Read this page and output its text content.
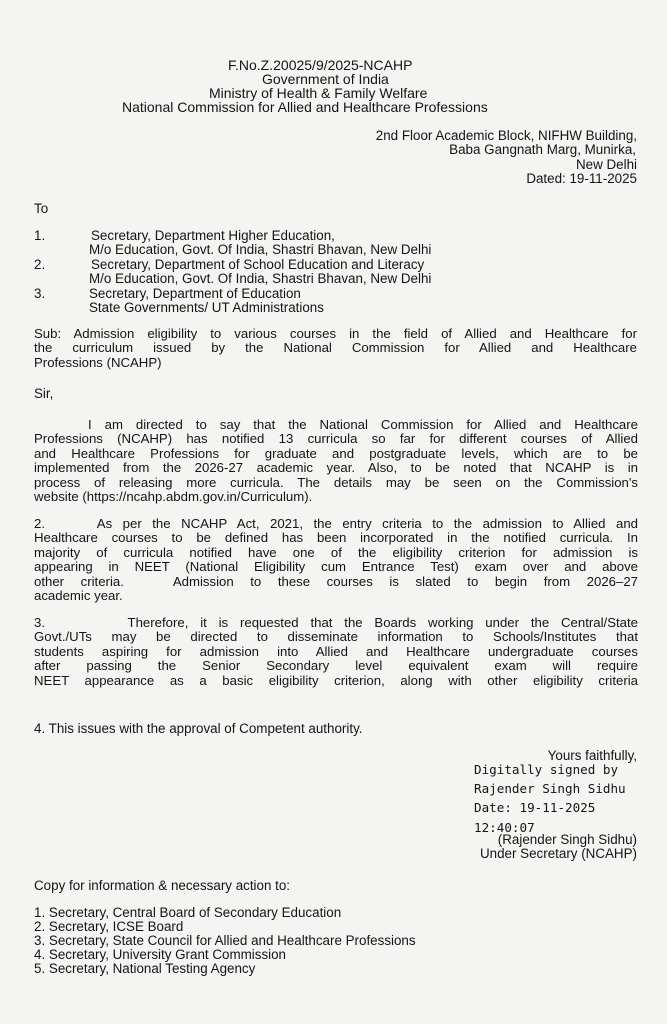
F.No.Z.20025/9/2025-NCAHP
Government of India
Ministry of Health & Family Welfare
National Commission for Allied and Healthcare Professions
2nd Floor Academic Block, NIFHW Building,
Baba Gangnath Marg, Munirka,
New Delhi
Dated: 19-11-2025
To
1.	Secretary, Department Higher Education,
M/o Education, Govt. Of India, Shastri Bhavan, New Delhi
2.	Secretary, Department of School Education and Literacy
M/o Education, Govt. Of India, Shastri Bhavan, New Delhi
3.	Secretary, Department of Education
State Governments/ UT Administrations
Sub: Admission eligibility to various courses in the field of Allied and Healthcare for
the curriculum issued by the National Commission for Allied and Healthcare
Professions (NCAHP)
Sir,
I am directed to say that the National Commission for Allied and Healthcare
Professions (NCAHP) has notified 13 curricula so far for different courses of Allied
and Healthcare Professions for graduate and postgraduate levels, which are to be
implemented from the 2026-27 academic year. Also, to be noted that NCAHP is in
process of releasing more curricula. The details may be seen on the Commission's
website (https://ncahp.abdm.gov.in/Curriculum).
2.     As per the NCAHP Act, 2021, the entry criteria to the admission to Allied and
Healthcare courses to be defined has been incorporated in the notified curricula. In
majority of curricula notified have one of the eligibility criterion for admission is
appearing in NEET (National Eligibility cum Entrance Test) exam over and above
other criteria.   Admission to these courses is slated to begin from 2026–27
academic year.
3.       Therefore, it is requested that the Boards working under the Central/State
Govt./UTs may be directed to disseminate information to Schools/Institutes that
students aspiring for admission into Allied and Healthcare undergraduate courses
after  passing  the  Senior  Secondary  level  equivalent  exam  will  require
NEET appearance as a basic eligibility criterion, along with other eligibility criteria
4. This issues with the approval of Competent authority.
Yours faithfully,
Digitally signed by
Rajender Singh Sidhu
Date: 19-11-2025
12:40:07
(Rajender Singh Sidhu)
Under Secretary (NCAHP)
Copy for information & necessary action to:
1. Secretary, Central Board of Secondary Education
2. Secretary, ICSE Board
3. Secretary, State Council for Allied and Healthcare Professions
4. Secretary, University Grant Commission
5. Secretary, National Testing Agency
